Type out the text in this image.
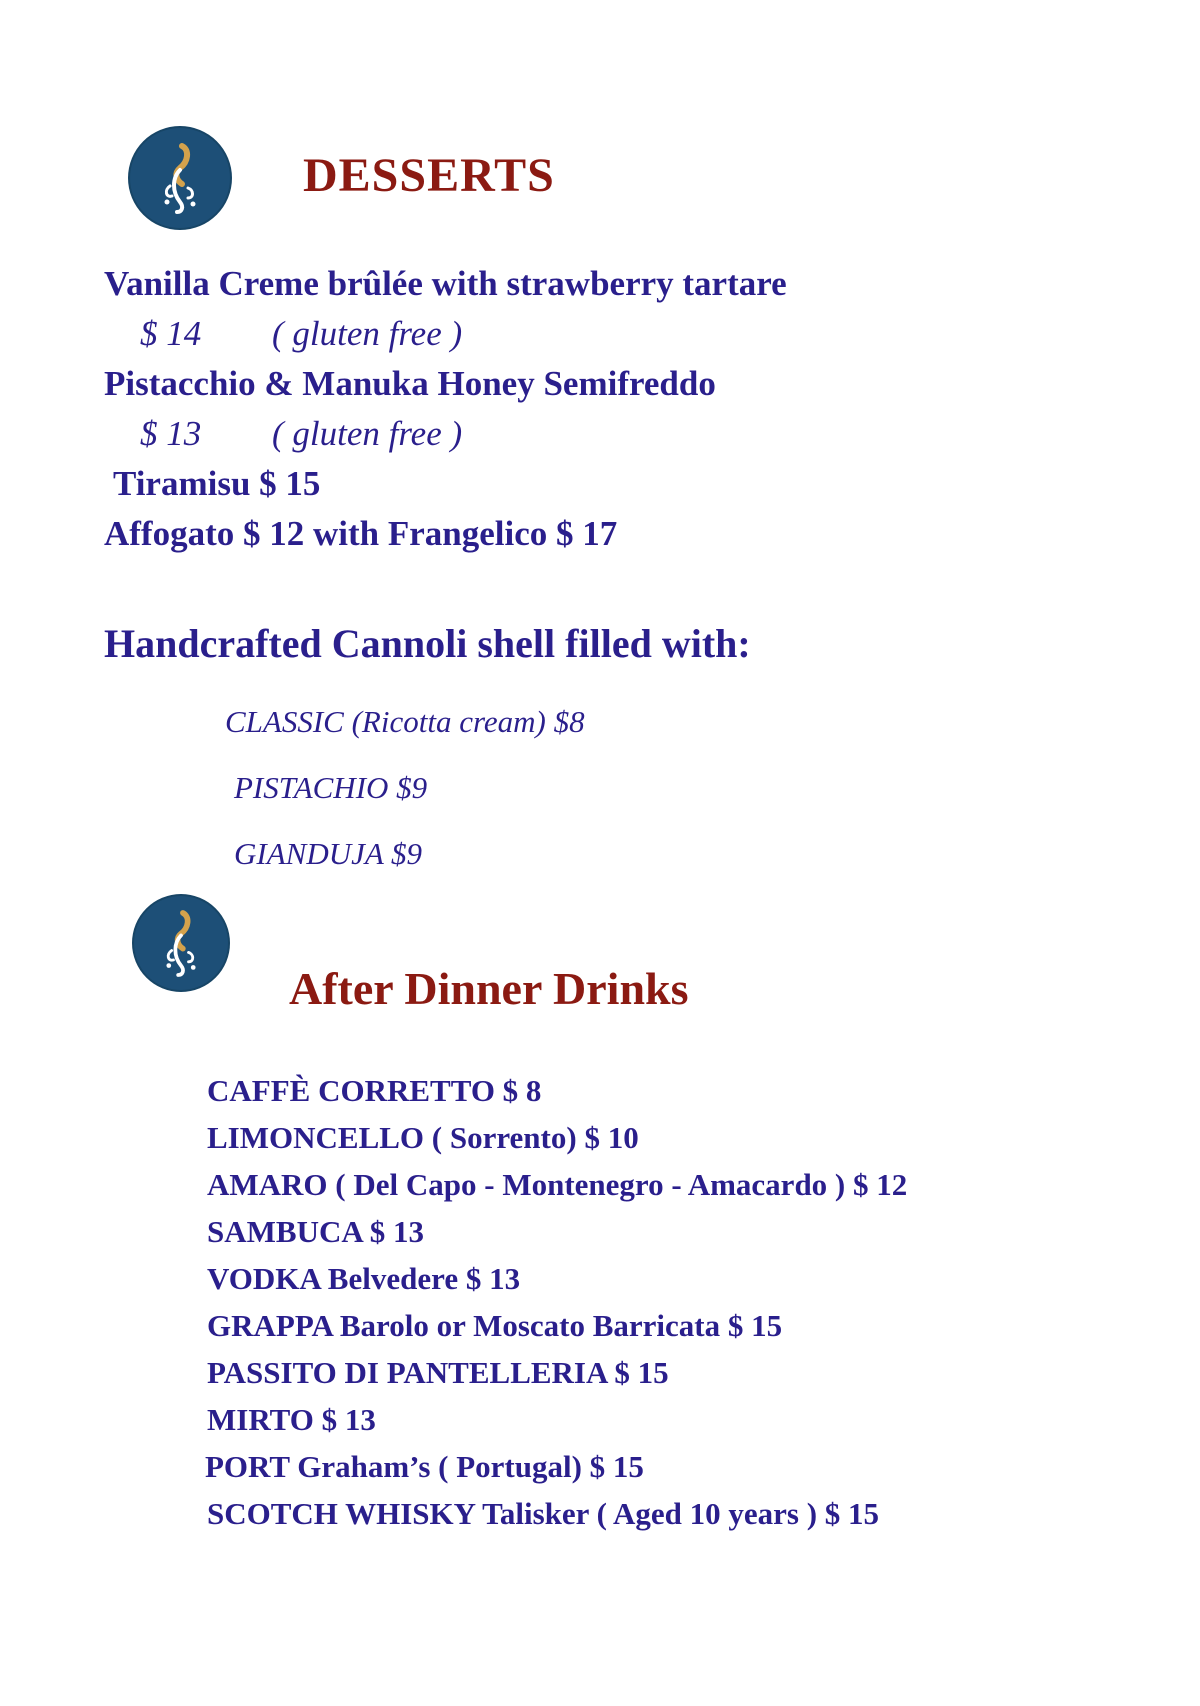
DESSERTS
Vanilla Creme brûlée with strawberry tartare
$ 14 ( gluten free )
Pistacchio & Manuka Honey Semifreddo
$ 13 ( gluten free )
Tiramisu $ 15
Affogato $ 12 with Frangelico $ 17
Handcrafted Cannoli shell filled with:
CLASSIC (Ricotta cream) $8
PISTACHIO $9
GIANDUJA $9
After Dinner Drinks
CAFFÈ CORRETTO $ 8
LIMONCELLO ( Sorrento) $ 10
AMARO ( Del Capo - Montenegro - Amacardo ) $ 12
SAMBUCA $ 13
VODKA Belvedere $ 13
GRAPPA Barolo or Moscato Barricata $ 15
PASSITO DI PANTELLERIA $ 15
MIRTO $ 13
PORT Graham’s ( Portugal) $ 15
SCOTCH WHISKY Talisker ( Aged 10 years ) $ 15
